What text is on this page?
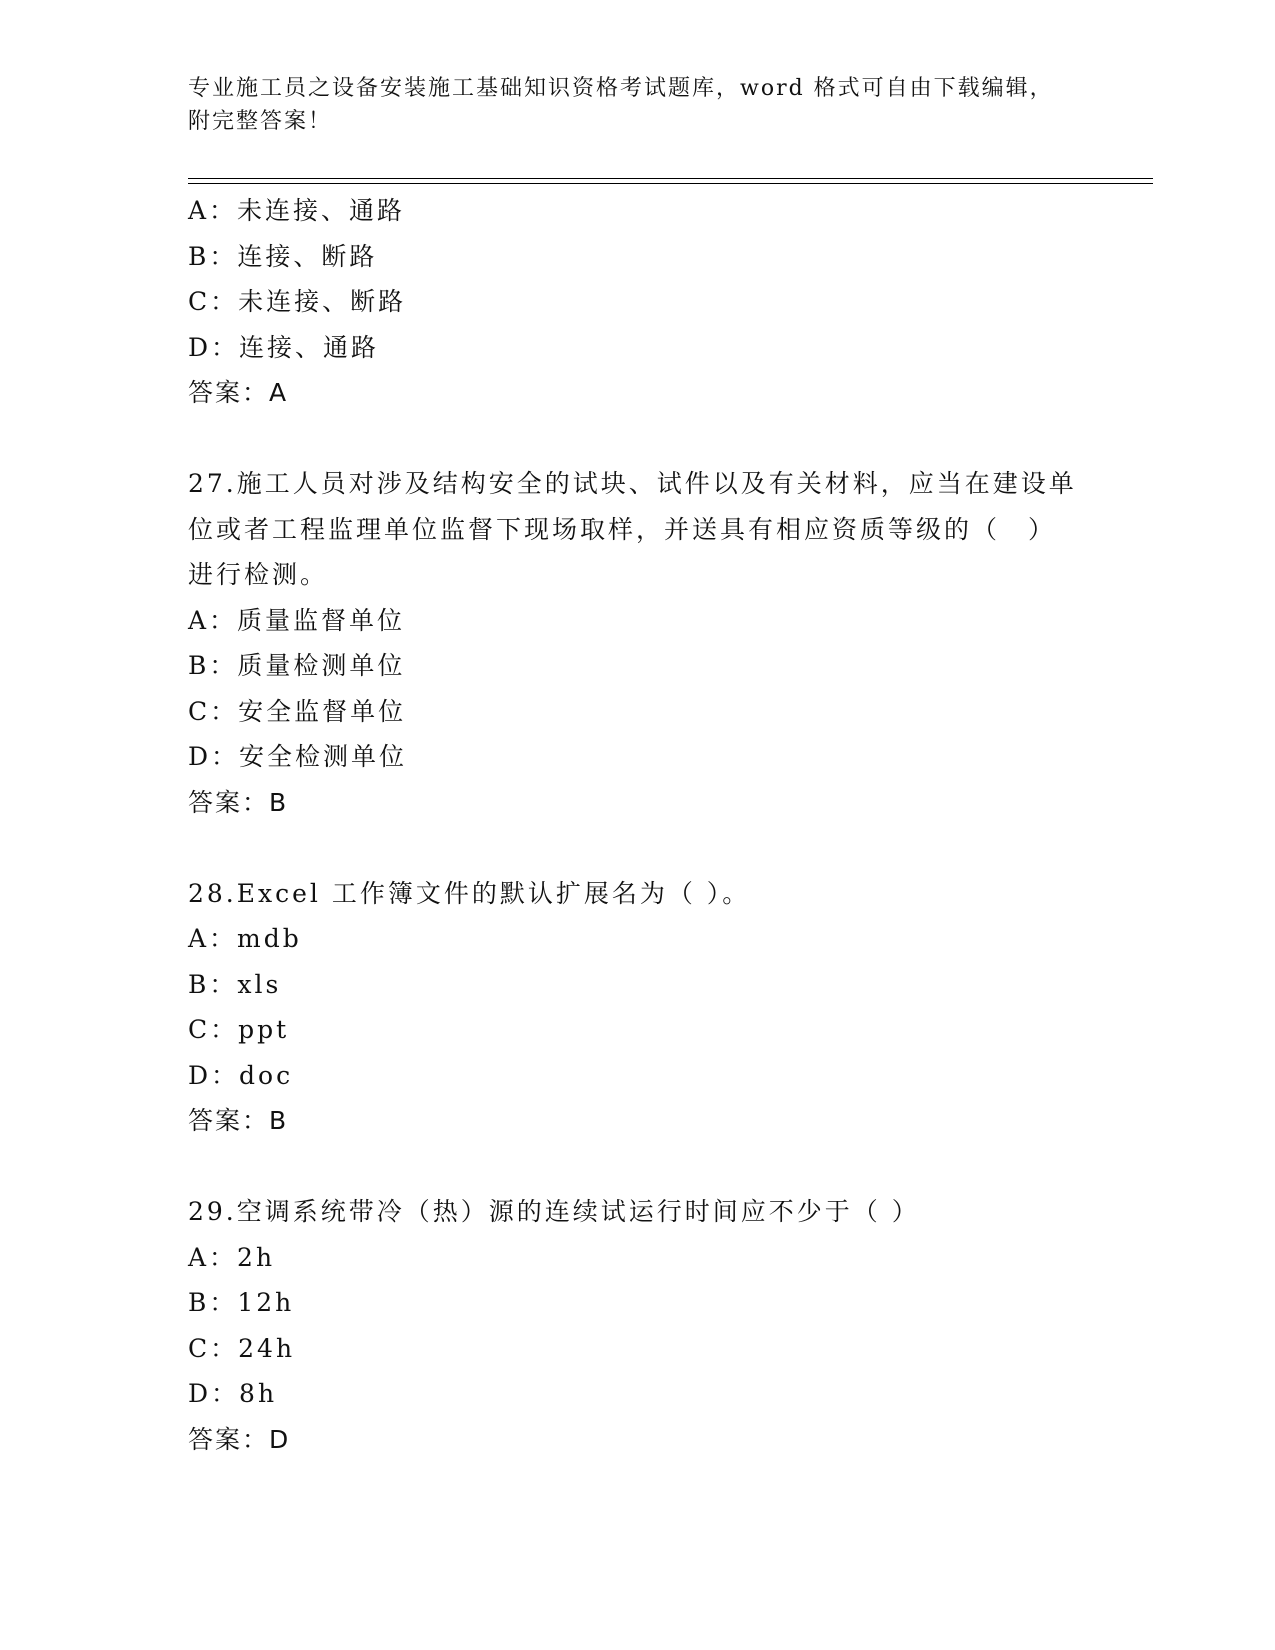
专业施工员之设备安装施工基础知识资格考试题库，word 格式可自由下载编辑，
附完整答案！
A：未连接、通路
B：连接、断路
C：未连接、断路
D：连接、通路
答案：A
27.施工人员对涉及结构安全的试块、试件以及有关材料，应当在建设单位或者工程监理单位监督下现场取样，并送具有相应资质等级的（　）进行检测。
A：质量监督单位
B：质量检测单位
C：安全监督单位
D：安全检测单位
答案：B
28.Excel 工作簿文件的默认扩展名为（ ）。
A：mdb
B：xls
C：ppt
D：doc
答案：B
29.空调系统带冷（热）源的连续试运行时间应不少于（ ）
A：2h
B：12h
C：24h
D：8h
答案：D
